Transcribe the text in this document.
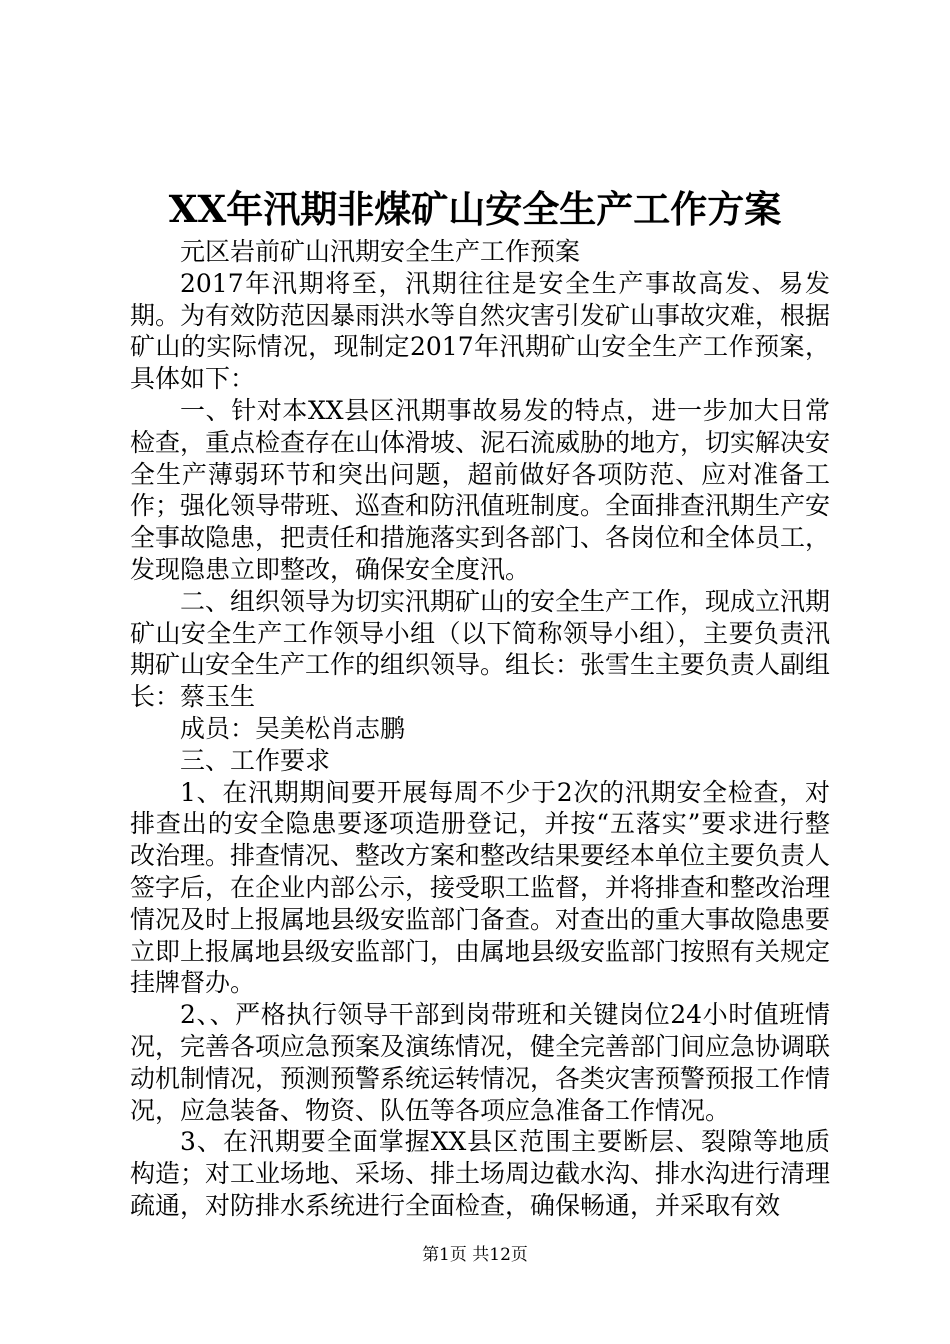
XX年汛期非煤矿山安全生产工作方案

元区岩前矿山汛期安全生产工作预案

2017年汛期将至，汛期往往是安全生产事故高发、易发期。为有效防范因暴雨洪水等自然灾害引发矿山事故灾难，根据矿山的实际情况，现制定2017年汛期矿山安全生产工作预案，具体如下：

一、针对本XX县区汛期事故易发的特点，进一步加大日常检查，重点检查存在山体滑坡、泥石流威胁的地方，切实解决安全生产薄弱环节和突出问题，超前做好各项防范、应对准备工作；强化领导带班、巡查和防汛值班制度。全面排查汛期生产安全事故隐患，把责任和措施落实到各部门、各岗位和全体员工，发现隐患立即整改，确保安全度汛。

二、组织领导为切实汛期矿山的安全生产工作，现成立汛期矿山安全生产工作领导小组（以下简称领导小组），主要负责汛期矿山安全生产工作的组织领导。组长：张雪生主要负责人副组长：蔡玉生

成员：吴美松肖志鹏

三、工作要求

1、在汛期期间要开展每周不少于2次的汛期安全检查，对排查出的安全隐患要逐项造册登记，并按“五落实”要求进行整改治理。排查情况、整改方案和整改结果要经本单位主要负责人签字后，在企业内部公示，接受职工监督，并将排查和整改治理情况及时上报属地县级安监部门备查。对查出的重大事故隐患要立即上报属地县级安监部门，由属地县级安监部门按照有关规定挂牌督办。

2、、严格执行领导干部到岗带班和关键岗位24小时值班情况，完善各项应急预案及演练情况，健全完善部门间应急协调联动机制情况，预测预警系统运转情况，各类灾害预警预报工作情况，应急装备、物资、队伍等各项应急准备工作情况。

3、在汛期要全面掌握XX县区范围主要断层、裂隙等地质构造；对工业场地、采场、排土场周边截水沟、排水沟进行清理疏通，对防排水系统进行全面检查，确保畅通，并采取有效

第1页 共12页
